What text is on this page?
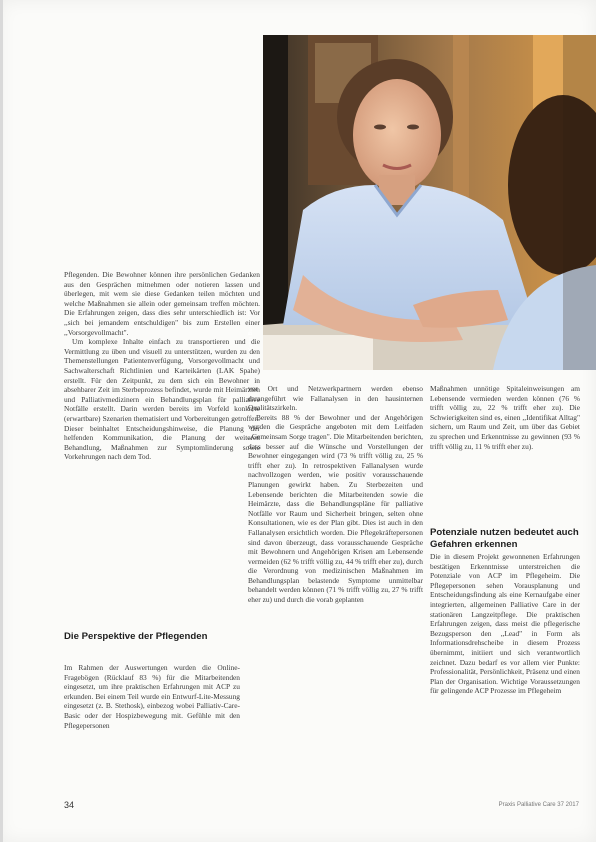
Foto: Katrin Burse / IZF

Pflegenden. Die Bewohner können ihre persönlichen Gedanken aus den Gesprächen mitnehmen oder notieren lassen und überlegen, mit wem sie diese Gedanken teilen möchten und welche Maßnahmen sie allein oder gemeinsam treffen möchten. Die Erfahrungen zeigen, dass dies sehr unterschiedlich ist: Vor ,,sich bei jemandem entschuldigen" bis zum Erstellen einer ,,Vorsorgevollmacht".

Um komplexe Inhalte einfach zu transportieren und die Vermittlung zu üben und visuell zu unterstützen, wurden zu den Themenstellungen Patientenverfügung, Vorsorgevollmacht und Sachwalterschaft Richtlinien und Karteikärten (LAK Spahe) erstellt. Für den Zeitpunkt, zu dem sich ein Bewohner in absehbarer Zeit im Sterbeprozess befindet, wurde mit Heimärzten und Palliativmedizinern ein Behandlungsplan für palliative Notfälle erstellt. Darin werden bereits im Vorfeld konkrete (erwartbare) Szenarien thematisiert und Vorbereitungen getroffen. Dieser beinhaltet Entscheidungshinweise, die Planung der helfenden Kommunikation, die Planung der weiteren Behandlung, Maßnahmen zur Symptomlinderung sowie Vorkehrungen nach dem Tod.

Die Perspektive der Pflegenden

Im Rahmen der Auswertungen wurden die Online-Fragebögen (Rücklauf 83 %) für die Mitarbeitenden eingesetzt, um ihre praktischen Erfahrungen mit ACP zu erkunden. Bei einem Teil wurde ein Entwurf-Lite-Messung eingesetzt (z. B. Stethosk), einbezog wobei Palliativ-Care-Basic oder der Hospizbewegung mit. Gefühle mit den Pflegepersonen

vor Ort und Netzwerkpartnern werden ebenso darangeführt wie Fallanalysen in den hausinternen Qualitätszirkeln.

Bereits 88 % der Bewohner und der Angehörigen wurden die Gespräche angeboten mit dem Leitfaden ,,Gemeinsam Sorge tragen". Die Mitarbeitenden berichten, dass besser auf die Wünsche und Vorstellungen der Bewohner eingegangen wird (73 % trifft völlig zu, 25 % trifft eher zu). In retrospektiven Fallanalysen wurde nachvollzogen werden, wie positiv vorausschauende Planungen gewirkt haben. Zu Sterbezeiten und Lebensende berichten die Mitarbeitenden sowie die Heimärzte, dass die Behandlungspläne für palliative Notfälle vor Raum und Sicherheit bringen, selten ohne Konsultationen, wie es der Plan gibt. Dies ist auch in den Fallanalysen ersichtlich worden. Die Pflegekräftepersonen sind davon überzeugt, dass vorausschauende Gespräche mit Bewohnern und Angehörigen Krisen am Lebensende vermeiden (62 % trifft völlig zu, 44 % trifft eher zu), durch die Verordnung von medizinischen Maßnahmen im Behandlungsplan belastende Symptome unmittelbar behandelt werden können (71 % trifft völlig zu, 27 % trifft eher zu) und durch die vorab geplanten

Maßnahmen unnötige Spitaleinweisungen am Lebensende vermieden werden können (76 % trifft völlig zu, 22 % trifft eher zu). Die Schwierigkeiten sind es, einen ,,Identifikat Alltag" sichern, um Raum und Zeit, um über das Gebiet zu sprechen und Erkenntnisse zu gewinnen (93 % trifft völlig zu, 11 % trifft eher zu).

Potenziale nutzen bedeutet auch Gefahren erkennen

Die in diesem Projekt gewonnenen Erfahrungen bestätigen Erkenntnisse unterstreichen die Potenziale von ACP im Pflegeheim. Die Pflegepersonen sehen Vorausplanung und Entscheidungsfindung als eine Kernaufgabe einer integrierten, allgemeinen Palliative Care in der stationären Langzeitpflege. Die praktischen Erfahrungen zeigen, dass meist die pflegerische Bezugsperson den ,,Lead" in Form als Informationsdrehscheibe in diesem Prozess übernimmt, initiiert und sich verantwortlich zeichnet. Dazu bedarf es vor allem vier Punkte: Professionalität, Persönlichkeit, Präsenz und einen Plan der Organisation. Wichtige Voraussetzungen für gelingende ACP Prozesse im Pflegeheim

34	Praxis Palliative Care 37 2017
